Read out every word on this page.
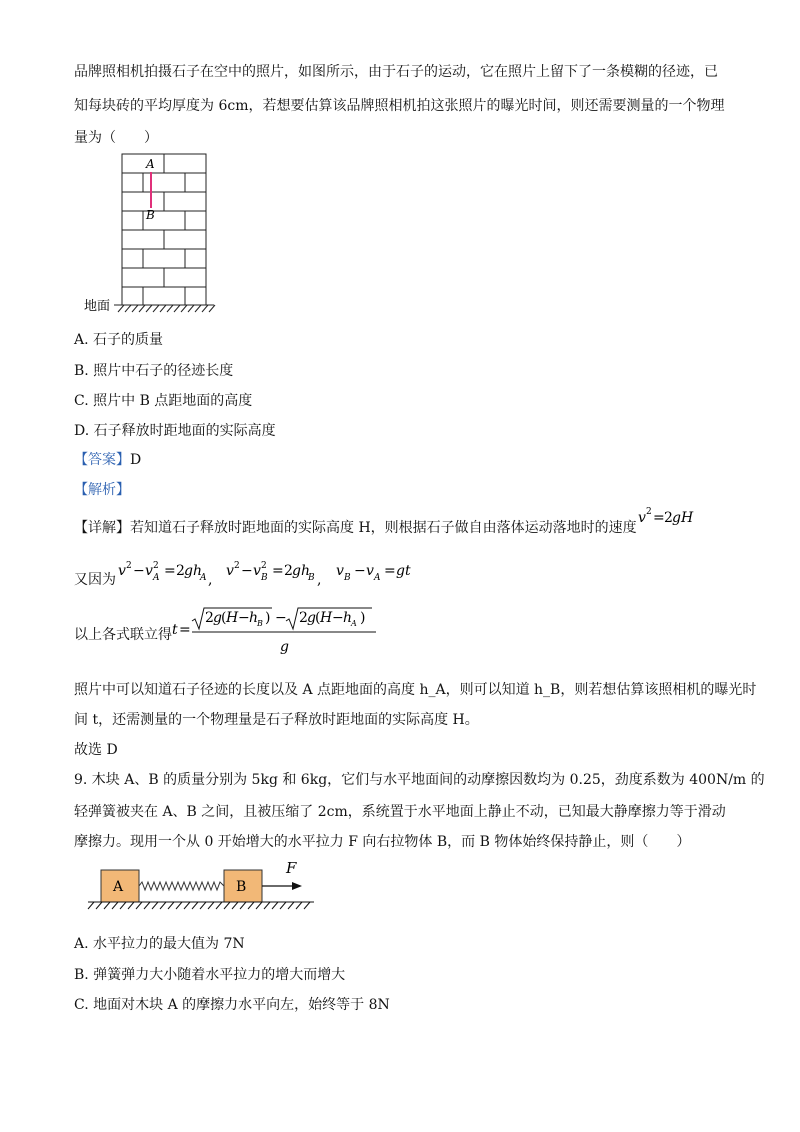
品牌照相机拍摄石子在空中的照片，如图所示，由于石子的运动，它在照片上留下了一条模糊的径迹，已
知每块砖的平均厚度为 6cm，若想要估算该品牌照相机拍这张照片的曝光时间，则还需要测量的一个物理
量为（　　）
A
B
地面
A. 石子的质量
B. 照片中石子的径迹长度
C. 照片中 B 点距地面的高度
D. 石子释放时距地面的实际高度
【答案】D
【解析】
【详解】若知道石子释放时距地面的实际高度 H，则根据石子做自由落体运动落地时的速度
v 2 = 2 gH
又因为
v 2 − v 2
A = 2 gh
A ,
v 2 − v 2
B = 2 gh
B ,
v B − v A = gt
以上各式联立得 t =
2 g ( H − h
B ) − 2 g ( H − h
A )
g
照片中可以知道石子径迹的长度以及 A 点距地面的高度 h_A，则可以知道 h_B，则若想估算该照相机的曝光时
间 t，还需测量的一个物理量是石子释放时距地面的实际高度 H。
故选 D
9. 木块 A、B 的质量分别为 5kg 和 6kg，它们与水平地面间的动摩擦因数均为 0.25，劲度系数为 400N/m 的
轻弹簧被夹在 A、B 之间，且被压缩了 2cm，系统置于水平地面上静止不动，已知最大静摩擦力等于滑动
摩擦力。现用一个从 0 开始增大的水平拉力 F 向右拉物体 B，而 B 物体始终保持静止，则（　　）
A	B
F
A. 水平拉力的最大值为 7N
B. 弹簧弹力大小随着水平拉力的增大而增大
C. 地面对木块 A 的摩擦力水平向左，始终等于 8N
